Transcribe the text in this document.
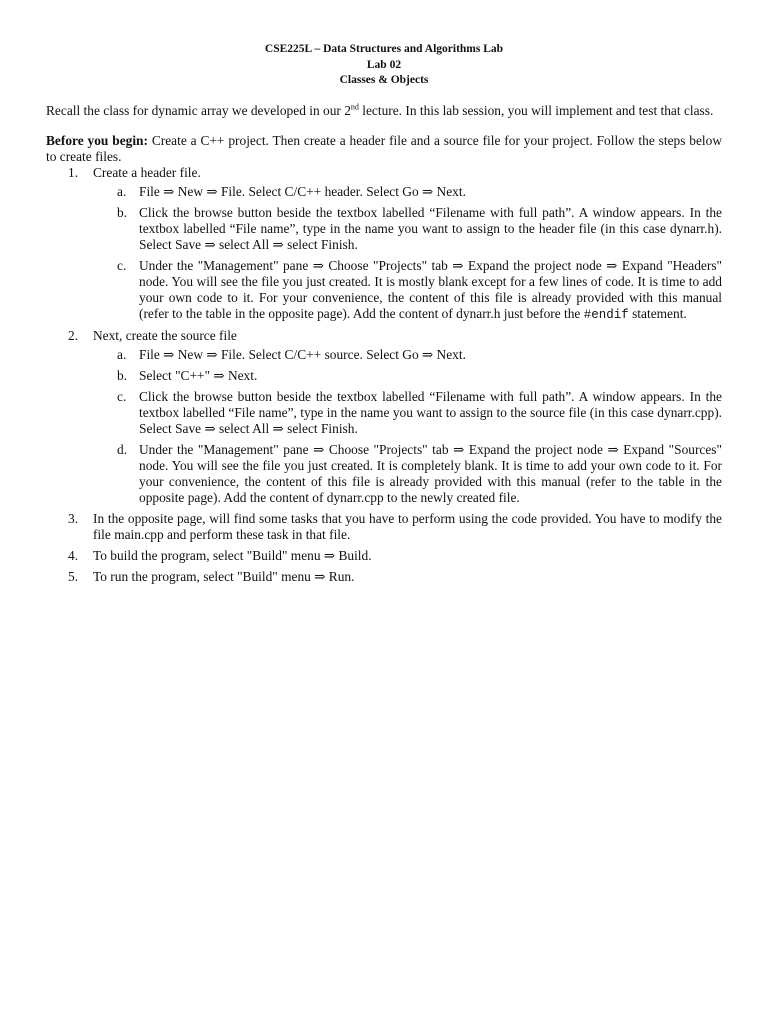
CSE225L – Data Structures and Algorithms Lab
Lab 02
Classes & Objects

Recall the class for dynamic array we developed in our 2nd lecture. In this lab session, you will implement and test that class.

Before you begin: Create a C++ project. Then create a header file and a source file for your project. Follow the steps below to create files.

1. Create a header file.
a. File ⇒ New ⇒ File. Select C/C++ header. Select Go ⇒ Next.
b. Click the browse button beside the textbox labelled “Filename with full path”. A window appears. In the textbox labelled “File name”, type in the name you want to assign to the header file (in this case dynarr.h). Select Save ⇒ select All ⇒ select Finish.
c. Under the "Management" pane ⇒ Choose "Projects" tab ⇒ Expand the project node ⇒ Expand "Headers" node. You will see the file you just created. It is mostly blank except for a few lines of code. It is time to add your own code to it. For your convenience, the content of this file is already provided with this manual (refer to the table in the opposite page). Add the content of dynarr.h just before the #endif statement.
2. Next, create the source file
a. File ⇒ New ⇒ File. Select C/C++ source. Select Go ⇒ Next.
b. Select "C++" ⇒ Next.
c. Click the browse button beside the textbox labelled “Filename with full path”. A window appears. In the textbox labelled “File name”, type in the name you want to assign to the source file (in this case dynarr.cpp). Select Save ⇒ select All ⇒ select Finish.
d. Under the "Management" pane ⇒ Choose "Projects" tab ⇒ Expand the project node ⇒ Expand "Sources" node. You will see the file you just created. It is completely blank. It is time to add your own code to it. For your convenience, the content of this file is already provided with this manual (refer to the table in the opposite page). Add the content of dynarr.cpp to the newly created file.
3. In the opposite page, will find some tasks that you have to perform using the code provided. You have to modify the file main.cpp and perform these task in that file.
4. To build the program, select "Build" menu ⇒ Build.
5. To run the program, select "Build" menu ⇒ Run.
